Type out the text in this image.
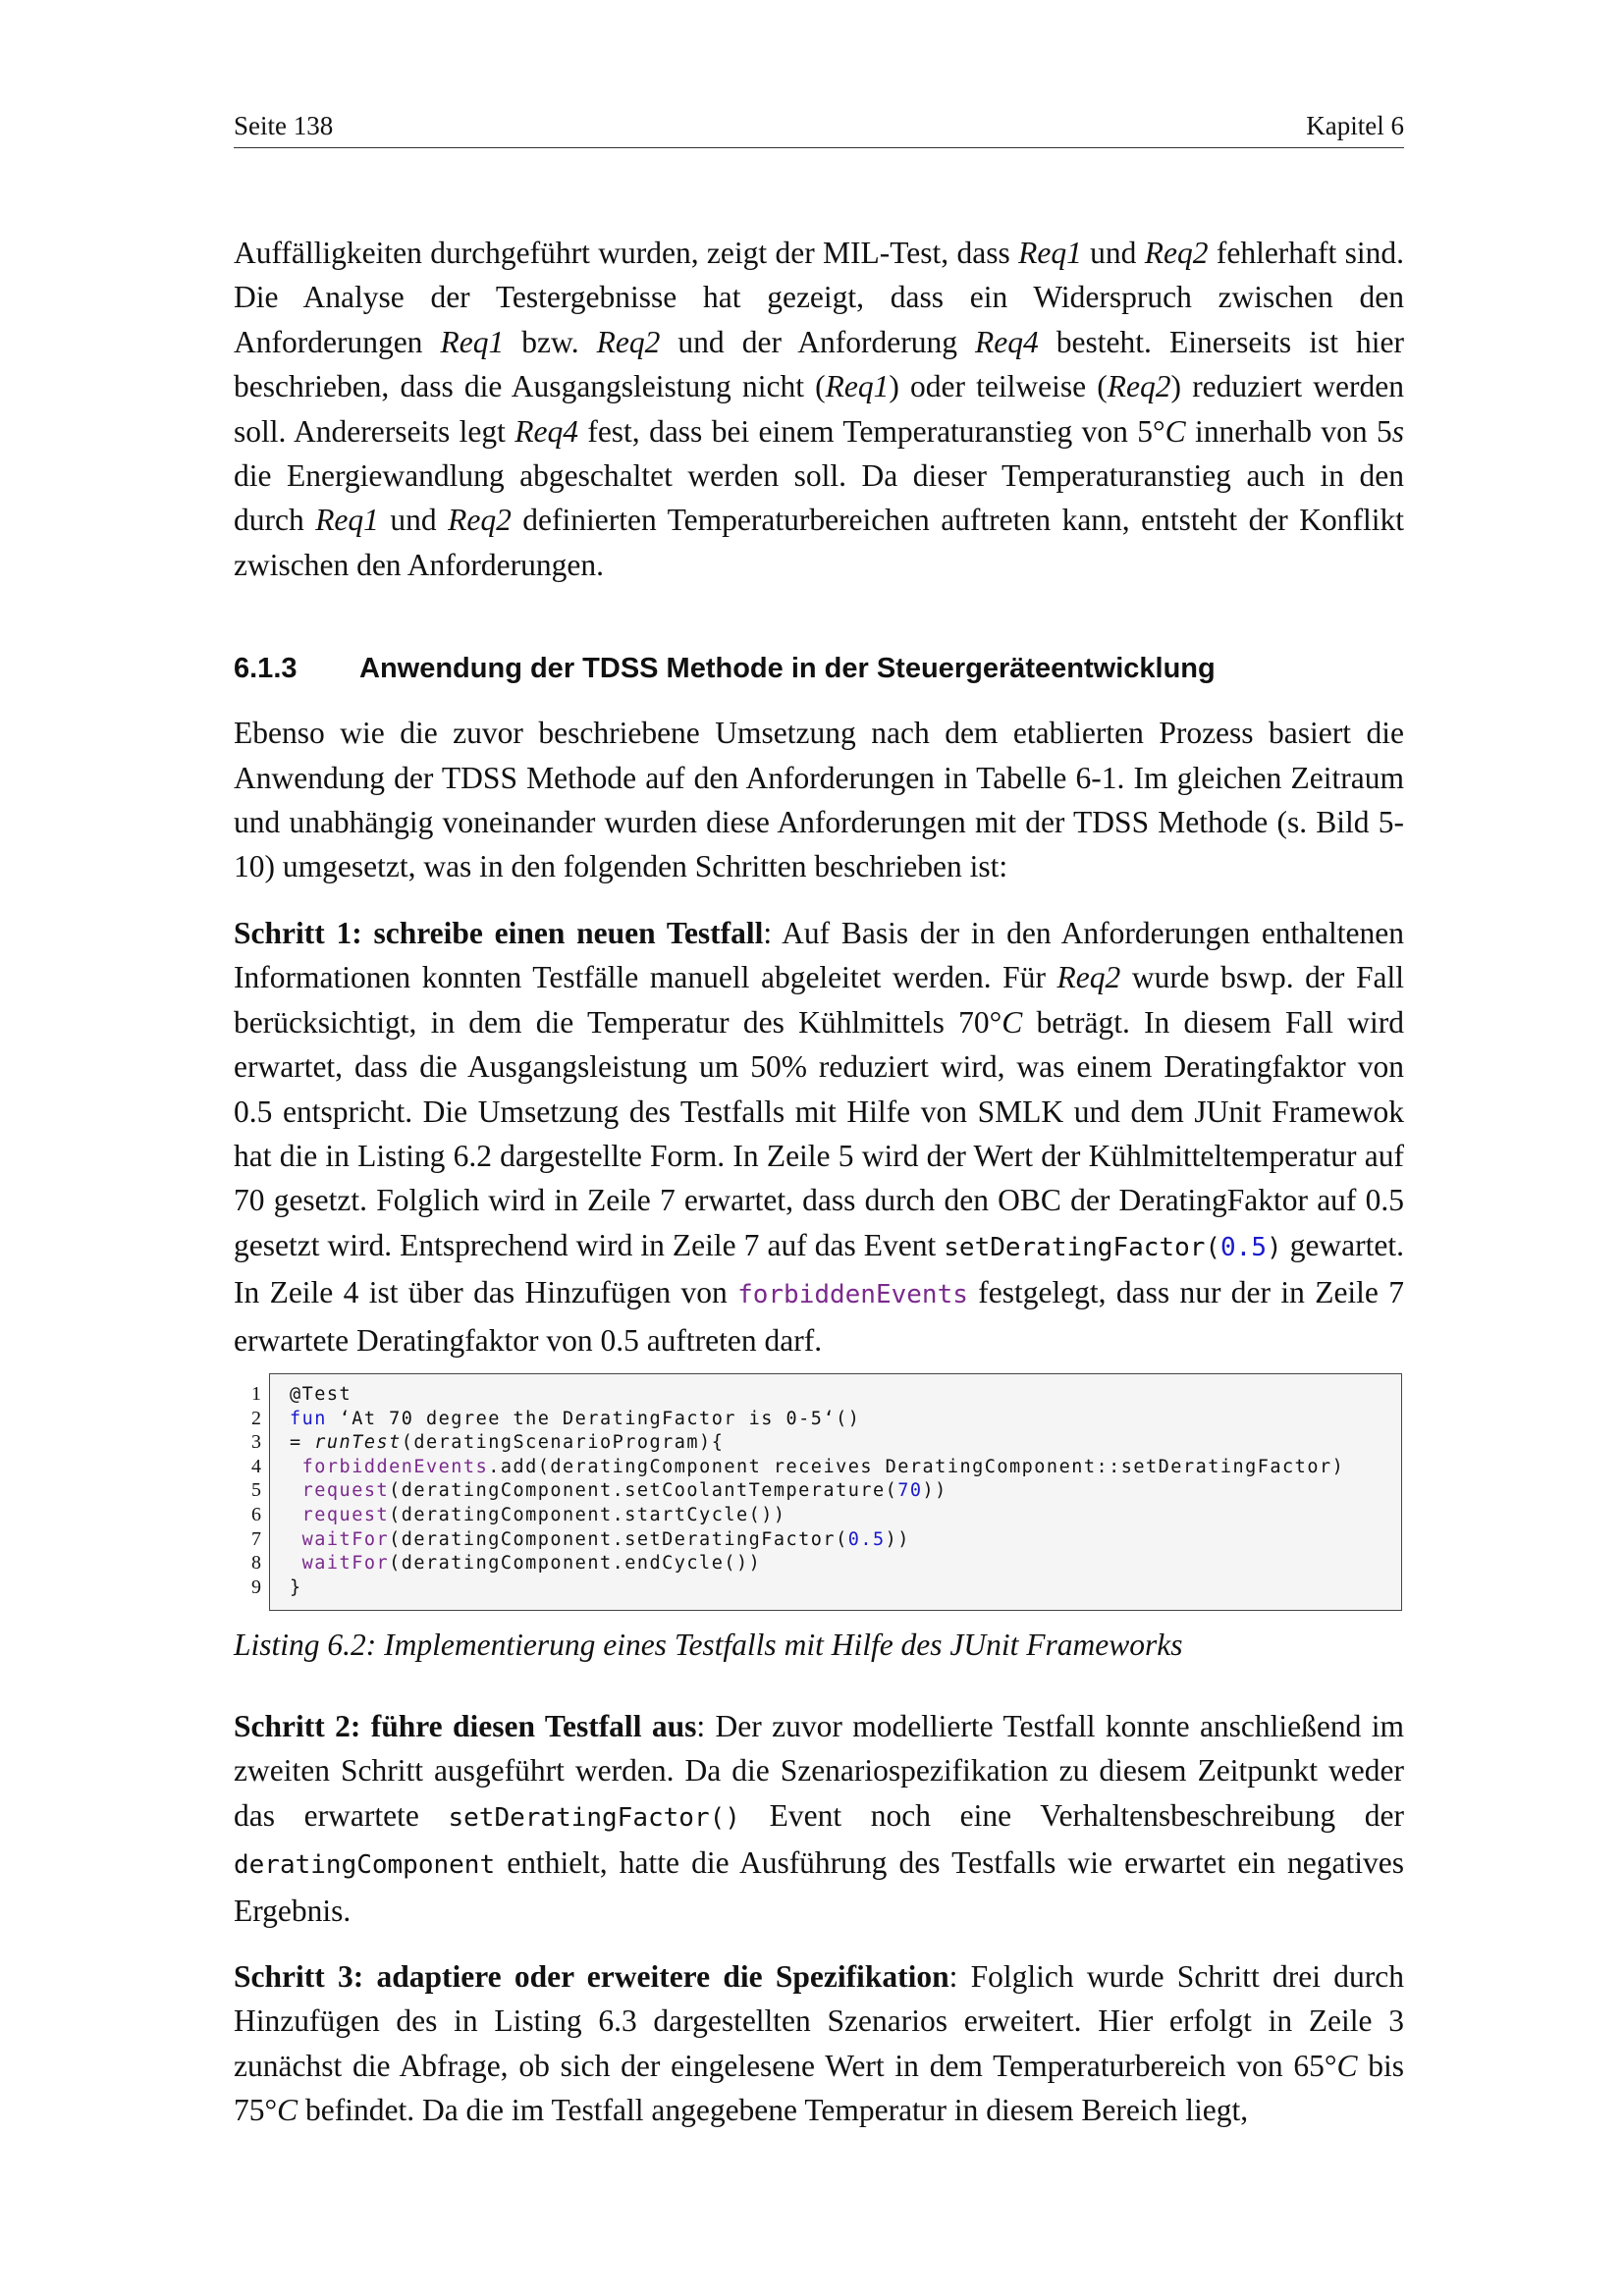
Seite 138	Kapitel 6

Auffälligkeiten durchgeführt wurden, zeigt der MIL-Test, dass Req1 und Req2 fehlerhaft sind. Die Analyse der Testergebnisse hat gezeigt, dass ein Widerspruch zwischen den Anforderungen Req1 bzw. Req2 und der Anforderung Req4 besteht. Einerseits ist hier beschrieben, dass die Ausgangsleistung nicht (Req1) oder teilweise (Req2) reduziert werden soll. Andererseits legt Req4 fest, dass bei einem Temperaturanstieg von 5°C innerhalb von 5s die Energiewandlung abgeschaltet werden soll. Da dieser Temperaturanstieg auch in den durch Req1 und Req2 definierten Temperaturbereichen auftreten kann, entsteht der Konflikt zwischen den Anforderungen.

6.1.3	Anwendung der TDSS Methode in der Steuergeräteentwicklung

Ebenso wie die zuvor beschriebene Umsetzung nach dem etablierten Prozess basiert die Anwendung der TDSS Methode auf den Anforderungen in Tabelle 6-1. Im gleichen Zeitraum und unabhängig voneinander wurden diese Anforderungen mit der TDSS Methode (s. Bild 5-10) umgesetzt, was in den folgenden Schritten beschrieben ist:

Schritt 1: schreibe einen neuen Testfall: Auf Basis der in den Anforderungen enthaltenen Informationen konnten Testfälle manuell abgeleitet werden. Für Req2 wurde bswp. der Fall berücksichtigt, in dem die Temperatur des Kühlmittels 70°C beträgt. In diesem Fall wird erwartet, dass die Ausgangsleistung um 50% reduziert wird, was einem Deratingfaktor von 0.5 entspricht. Die Umsetzung des Testfalls mit Hilfe von SMLK und dem JUnit Framewok hat die in Listing 6.2 dargestellte Form. In Zeile 5 wird der Wert der Kühlmitteltemperatur auf 70 gesetzt. Folglich wird in Zeile 7 erwartet, dass durch den OBC der DeratingFaktor auf 0.5 gesetzt wird. Entsprechend wird in Zeile 7 auf das Event setDeratingFactor(0.5) gewartet. In Zeile 4 ist über das Hinzufügen von forbiddenEvents festgelegt, dass nur der in Zeile 7 erwartete Deratingfaktor von 0.5 auftreten darf.

1
2
3
4
5
6
7
8
9
@Test
fun ‘At 70 degree the DeratingFactor is 0-5‘()
= runTest(deratingScenarioProgram){
forbiddenEvents.add(deratingComponent receives DeratingComponent::setDeratingFactor)
request(deratingComponent.setCoolantTemperature(70))
request(deratingComponent.startCycle())
waitFor(deratingComponent.setDeratingFactor(0.5))
waitFor(deratingComponent.endCycle())
}

Listing 6.2: Implementierung eines Testfalls mit Hilfe des JUnit Frameworks

Schritt 2: führe diesen Testfall aus: Der zuvor modellierte Testfall konnte anschließend im zweiten Schritt ausgeführt werden. Da die Szenariospezifikation zu diesem Zeitpunkt weder das erwartete setDeratingFactor() Event noch eine Verhaltensbeschreibung der deratingComponent enthielt, hatte die Ausführung des Testfalls wie erwartet ein negatives Ergebnis.

Schritt 3: adaptiere oder erweitere die Spezifikation: Folglich wurde Schritt drei durch Hinzufügen des in Listing 6.3 dargestellten Szenarios erweitert. Hier erfolgt in Zeile 3 zunächst die Abfrage, ob sich der eingelesene Wert in dem Temperaturbereich von 65°C bis 75°C befindet. Da die im Testfall angegebene Temperatur in diesem Bereich liegt,
